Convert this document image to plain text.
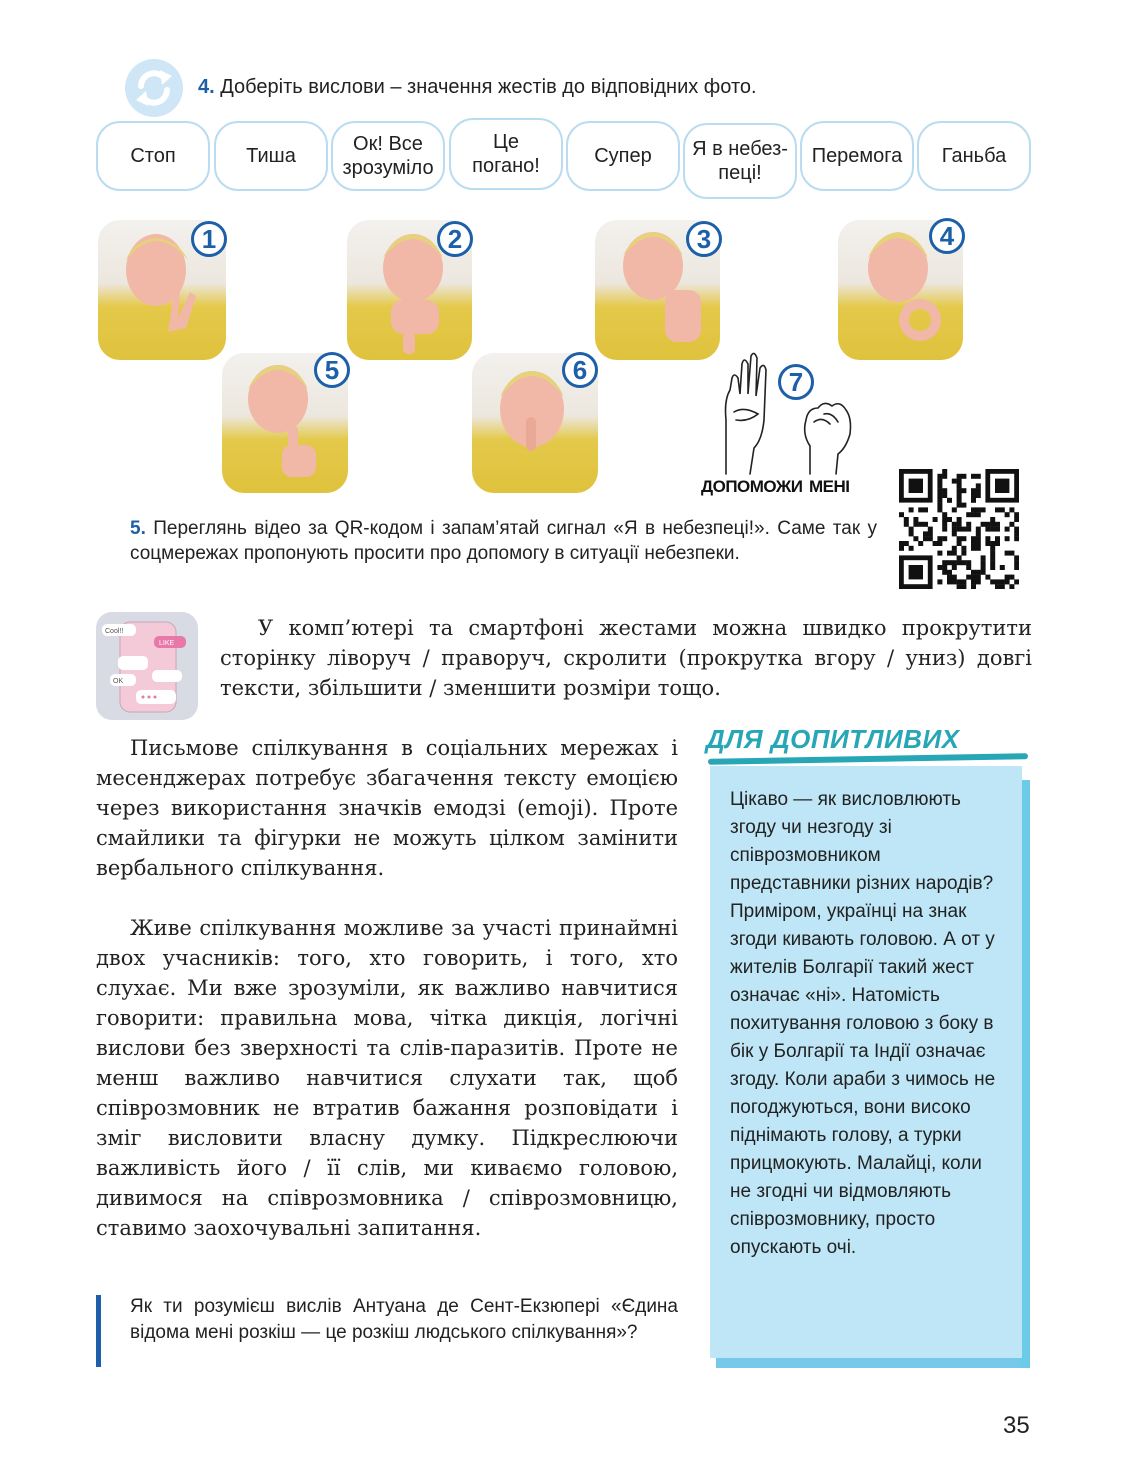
4. Доберіть вислови – значення жестів до відповідних фото.
Стоп	Тиша
Ок! Все
зрозуміло
Це
погано!	Супер Я в небез-
пеці!
Перемога Ганьба
1	2	3	4
5	6	7
ДОПОМОЖИ МЕНІ
5. Переглянь відео за QR-кодом і запам’ятай сигнал «Я в небезпеці!». Саме так у соцмережах пропонують просити про допомогу в ситуації небезпеки.
LIKE
Cool!!
OK
У комп’ютері та смартфоні жестами можна швидко прокрутити сторінку ліворуч / праворуч, скролити (прокрутка вгору / униз) довгі тексти, збільшити / зменшити розміри тощо.
Письмове спілкування в соціальних мережах і месенджерах потребує збагачення тексту емоцією через використання значків емодзі (emoji). Проте смайлики та фігурки не можуть цілком замінити вербального спілкування.
Живе спілкування можливе за участі принаймні двох учасників: того, хто говорить, і того, хто слухає. Ми вже зрозуміли, як важливо навчитися говорити: правильна мова, чітка дикція, логічні вислови без зверхності та слів-паразитів. Проте не менш важливо навчитися слухати так, щоб співрозмовник не втратив бажання розповідати і зміг висловити власну думку. Підкреслюючи важливість його / її слів, ми киваємо головою, дивимося на співрозмовника / співрозмовницю, ставимо заохочувальні запитання.
ДЛЯ ДОПИТЛИВИХ
Цікаво — як висловлюють згоду чи незгоду зі співрозмовником представники різних народів? Приміром, українці на знак згоди кивають головою. А от у жителів Болгарії такий жест означає «ні». Натомість похитування головою з боку в бік у Болгарії та Індії означає згоду. Коли араби з чимось не погоджуються, вони високо піднімають голову, а турки прицмокують. Малайці, коли не згодні чи відмовляють співрозмовнику, просто опускають очі.
Як ти розумієш вислів Антуана де Сент-Екзюпері «Єдина відома мені розкіш — це розкіш людського спілкування»?
35
